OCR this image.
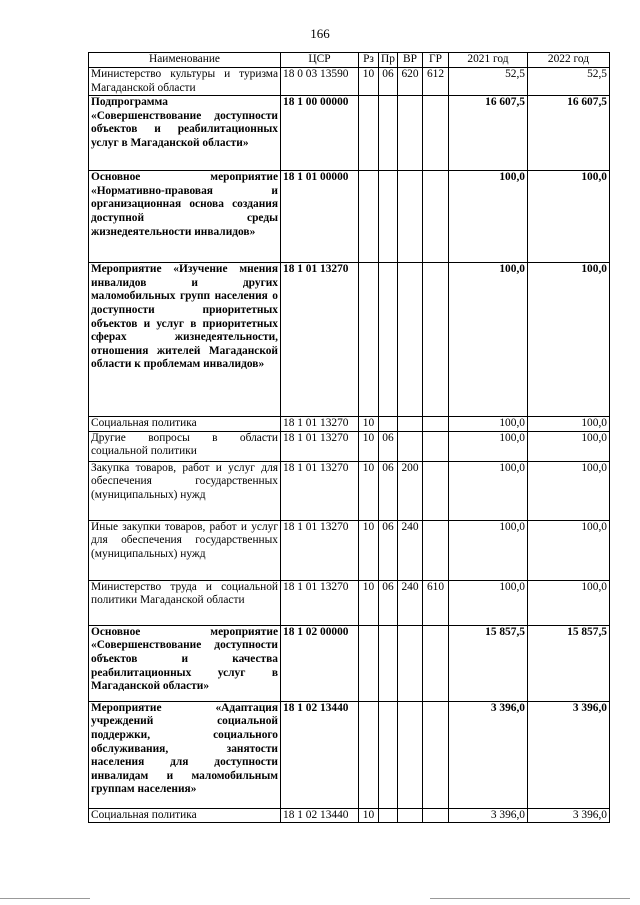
166
Наименование	ЦСР	Рз	Пр	ВР	ГР	2021 год	2022 год
Министерство культуры и туризма Магаданской области	18 0 03 13590	10	06	620	612	52,5	52,5
Подпрограмма «Совершенствование доступности объектов и реабилитационных услуг в Магаданской области»	18 1 00 00000					16 607,5	16 607,5
Основное мероприятие «Нормативно-правовая и организационная основа создания доступной среды жизнедеятельности инвалидов»	18 1 01 00000					100,0	100,0
Мероприятие «Изучение мнения инвалидов и других маломобильных групп населения о доступности приоритетных объектов и услуг в приоритетных сферах жизнедеятельности, отношения жителей Магаданской области к проблемам инвалидов»	18 1 01 13270					100,0	100,0
Социальная политика	18 1 01 13270	10				100,0	100,0
Другие вопросы в области социальной политики	18 1 01 13270	10	06			100,0	100,0
Закупка товаров, работ и услуг для обеспечения государственных (муниципальных) нужд	18 1 01 13270	10	06	200		100,0	100,0
Иные закупки товаров, работ и услуг для обеспечения государственных (муниципальных) нужд	18 1 01 13270	10	06	240		100,0	100,0
Министерство труда и социальной политики Магаданской области	18 1 01 13270	10	06	240	610	100,0	100,0
Основное мероприятие «Совершенствование доступности объектов и качества реабилитационных услуг в Магаданской области»	18 1 02 00000					15 857,5	15 857,5
Мероприятие «Адаптация учреждений социальной поддержки, социального обслуживания, занятости населения для доступности инвалидам и маломобильным группам населения»	18 1 02 13440					3 396,0	3 396,0
Социальная политика	18 1 02 13440	10				3 396,0	3 396,0
